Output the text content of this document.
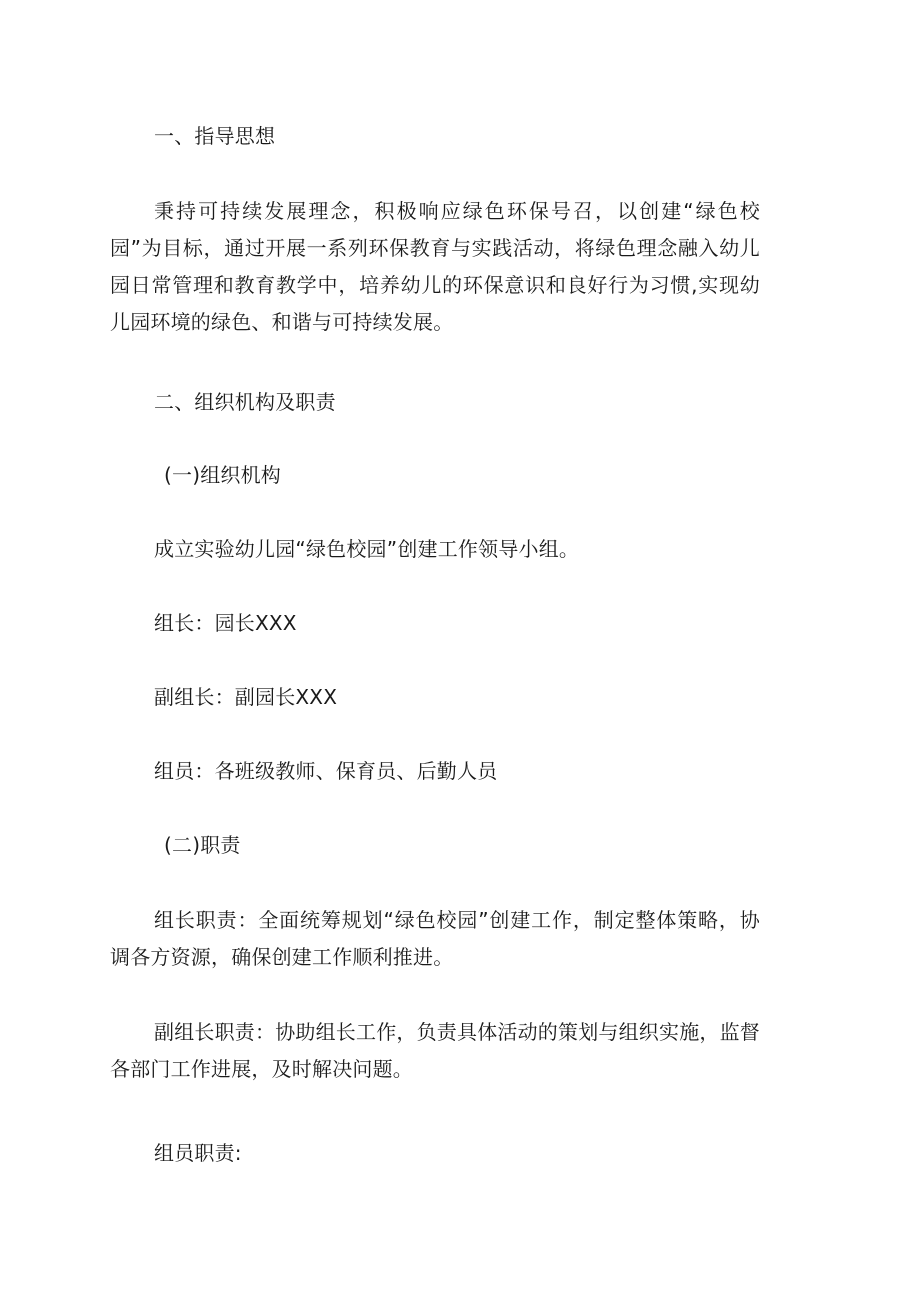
一、指导思想
秉持可持续发展理念，积极响应绿色环保号召，以创建“绿色校园”为目标，通过开展一系列环保教育与实践活动，将绿色理念融入幼儿园日常管理和教育教学中，培养幼儿的环保意识和良好行为习惯,实现幼儿园环境的绿色、和谐与可持续发展。
二、组织机构及职责
(一)组织机构
成立实验幼儿园“绿色校园”创建工作领导小组。
组长：园长XXX
副组长：副园长XXX
组员：各班级教师、保育员、后勤人员
(二)职责
组长职责：全面统筹规划“绿色校园”创建工作，制定整体策略，协调各方资源，确保创建工作顺利推进。
副组长职责：协助组长工作，负责具体活动的策划与组织实施，监督各部门工作进展，及时解决问题。
组员职责:
